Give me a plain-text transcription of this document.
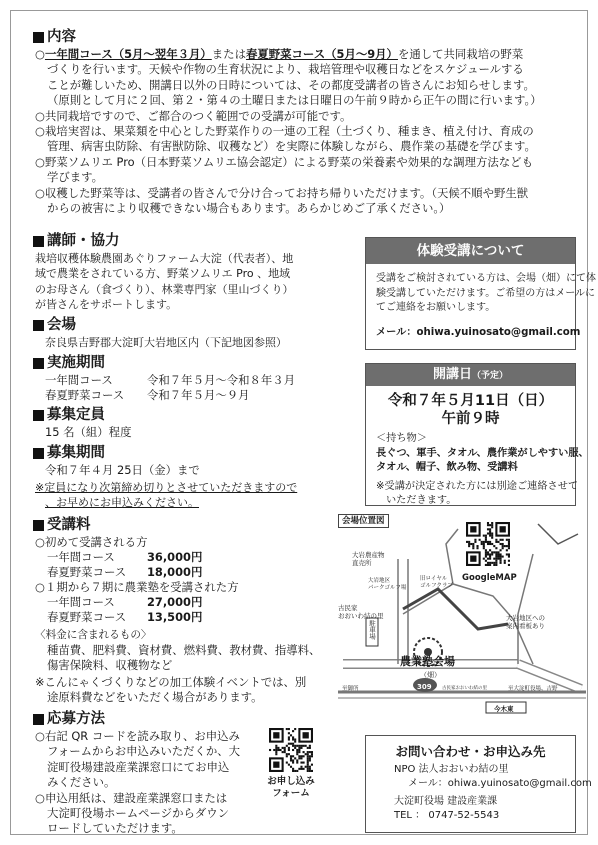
内容
○一年間コース（5月～翌年３月）または春夏野菜コース（5月～9月）を通して共同栽培の野菜
づくりを行います。天候や作物の生育状況により、栽培管理や収穫日などをスケジュールする
ことが難しいため、開講日以外の日時については、その都度受講者の皆さんにお知らせします。
（原則として月に２回、第２・第４の土曜日または日曜日の午前９時から正午の間に行います。）
○共同栽培ですので、ご都合のつく範囲での受講が可能です。
○栽培実習は、果菜類を中心とした野菜作りの一連の工程（土づくり、種まき、植え付け、育成の
管理、病害虫防除、有害獣防除、収穫など）を実際に体験しながら、農作業の基礎を学びます。
○野菜ソムリエ Pro（日本野菜ソムリエ協会認定）による野菜の栄養素や効果的な調理方法なども
学びます。
○収穫した野菜等は、受講者の皆さんで分け合ってお持ち帰りいただけます。（天候不順や野生獣
からの被害により収穫できない場合もあります。あらかじめご了承ください。）
講師・協力
栽培収穫体験農園あぐりファーム大淀（代表者）、地
域で農業をされている方、野菜ソムリエ Pro 、地域
のお母さん（食づくり）、林業専門家（里山づくり）
が皆さんをサポートします。
会場
奈良県吉野郡大淀町大岩地区内（下記地図参照）
実施期間
一年間コース	令和７年５月～令和８年３月
春夏野菜コース 令和７年５月～９月
募集定員
15 名（組）程度
募集期間
令和７年４月 25日（金）まで
※定員になり次第締め切りとさせていただきますので
、お早めにお申込みください。
受講料
○初めて受講される方
一年間コース	36,000円
春夏野菜コース 18,000円
○１期から７期に農業塾を受講された方
一年間コース	27,000円
春夏野菜コース 13,500円
〈料金に含まれるもの〉
種苗費、肥料費、資材費、燃料費、教材費、指導料、
傷害保険料、収穫物など
※こんにゃくづくりなどの加工体験イベントでは、別
途原料費などをいただく場合があります。
応募方法
○右記 QR コードを読み取り、お申込み
フォームからお申込みいただくか、大
淀町役場建設産業課窓口にてお申込
みください。
○申込用紙は、建設産業課窓口または
大淀町役場ホームページからダウン
ロードしていただけます。
お申し込み
フォーム
体験受講について
受講をご検討されている方は、会場（畑）にて体
験受講していただけます。ご希望の方はメールに
てご連絡をお願いします。
メール：ohiwa.yuinosato@gmail.com
開講日（予定）
令和７年５月11日（日）
午前９時
＜持ち物＞
長ぐつ、軍手、タオル、農作業がしやすい服、
タオル、帽子、飲み物、受講料
※受講が決定された方には別途ご連絡させて
いただきます。
会場位置図
GoogleMAP
大岩農産物
直売所
大岩地区
パークゴルフ場
旧ロイヤル
ゴルフクラブ
古民家
おおいわ結の里
駐車場
大岩地区への
案内看板あり
農業塾会場
（畑）
309
至御所	至大淀町役場、吉野
今木東
古民家おおいわ結の里
お問い合わせ・お申込み先
NPO 法人おおいわ結の里
メール：ohiwa.yuinosato@gmail.com
大淀町役場 建設産業課
TEL ： 0747-52-5543
